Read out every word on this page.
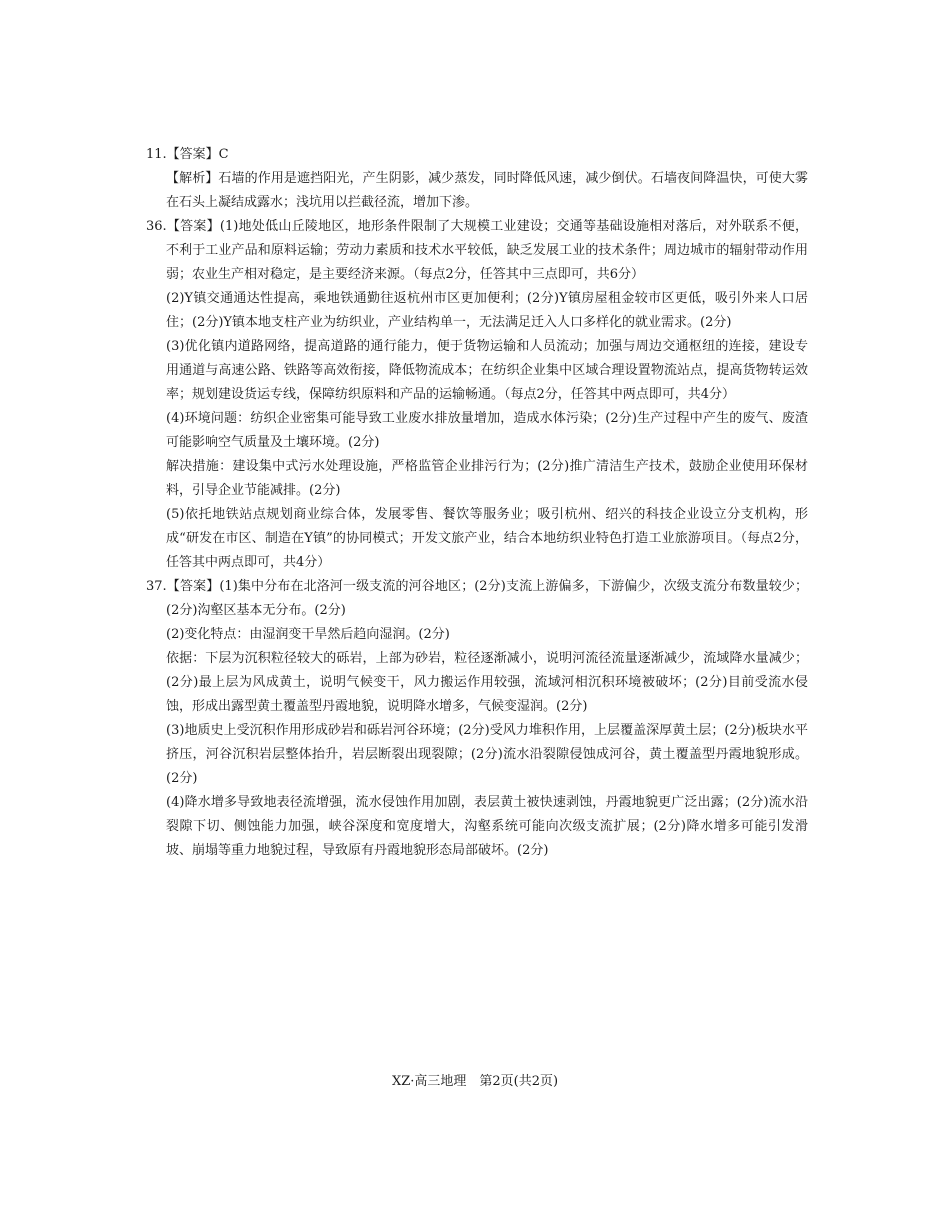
11.【答案】C

【解析】石墙的作用是遮挡阳光，产生阴影，减少蒸发，同时降低风速，减少倒伏。石墙夜间降温快，可使大雾在石头上凝结成露水；浅坑用以拦截径流，增加下渗。

36.【答案】(1)地处低山丘陵地区，地形条件限制了大规模工业建设；交通等基础设施相对落后，对外联系不便，不利于工业产品和原料运输；劳动力素质和技术水平较低，缺乏发展工业的技术条件；周边城市的辐射带动作用弱；农业生产相对稳定，是主要经济来源。（每点2分，任答其中三点即可，共6分）

(2)Y镇交通通达性提高，乘地铁通勤往返杭州市区更加便利；(2分)Y镇房屋租金较市区更低，吸引外来人口居住；(2分)Y镇本地支柱产业为纺织业，产业结构单一，无法满足迁入人口多样化的就业需求。(2分)

(3)优化镇内道路网络，提高道路的通行能力，便于货物运输和人员流动；加强与周边交通枢纽的连接，建设专用通道与高速公路、铁路等高效衔接，降低物流成本；在纺织企业集中区域合理设置物流站点，提高货物转运效率；规划建设货运专线，保障纺织原料和产品的运输畅通。（每点2分，任答其中两点即可，共4分）

(4)环境问题：纺织企业密集可能导致工业废水排放量增加，造成水体污染；(2分)生产过程中产生的废气、废渣可能影响空气质量及土壤环境。(2分)

解决措施：建设集中式污水处理设施，严格监管企业排污行为；(2分)推广清洁生产技术，鼓励企业使用环保材料，引导企业节能减排。(2分)

(5)依托地铁站点规划商业综合体，发展零售、餐饮等服务业；吸引杭州、绍兴的科技企业设立分支机构，形成“研发在市区、制造在Y镇”的协同模式；开发文旅产业，结合本地纺织业特色打造工业旅游项目。（每点2分，任答其中两点即可，共4分）

37.【答案】(1)集中分布在北洛河一级支流的河谷地区；(2分)支流上游偏多，下游偏少，次级支流分布数量较少；(2分)沟壑区基本无分布。(2分)

(2)变化特点：由湿润变干旱然后趋向湿润。(2分)

依据：下层为沉积粒径较大的砾岩，上部为砂岩，粒径逐渐减小，说明河流径流量逐渐减少，流域降水量减少；(2分)最上层为风成黄土，说明气候变干，风力搬运作用较强，流域河相沉积环境被破坏；(2分)目前受流水侵蚀，形成出露型黄土覆盖型丹霞地貌，说明降水增多，气候变湿润。(2分)

(3)地质史上受沉积作用形成砂岩和砾岩河谷环境；(2分)受风力堆积作用，上层覆盖深厚黄土层；(2分)板块水平挤压，河谷沉积岩层整体抬升，岩层断裂出现裂隙；(2分)流水沿裂隙侵蚀成河谷，黄土覆盖型丹霞地貌形成。(2分)

(4)降水增多导致地表径流增强，流水侵蚀作用加剧，表层黄土被快速剥蚀，丹霞地貌更广泛出露；(2分)流水沿裂隙下切、侧蚀能力加强，峡谷深度和宽度增大，沟壑系统可能向次级支流扩展；(2分)降水增多可能引发滑坡、崩塌等重力地貌过程，导致原有丹霞地貌形态局部破坏。(2分)

XZ·高三地理　第2页(共2页)
